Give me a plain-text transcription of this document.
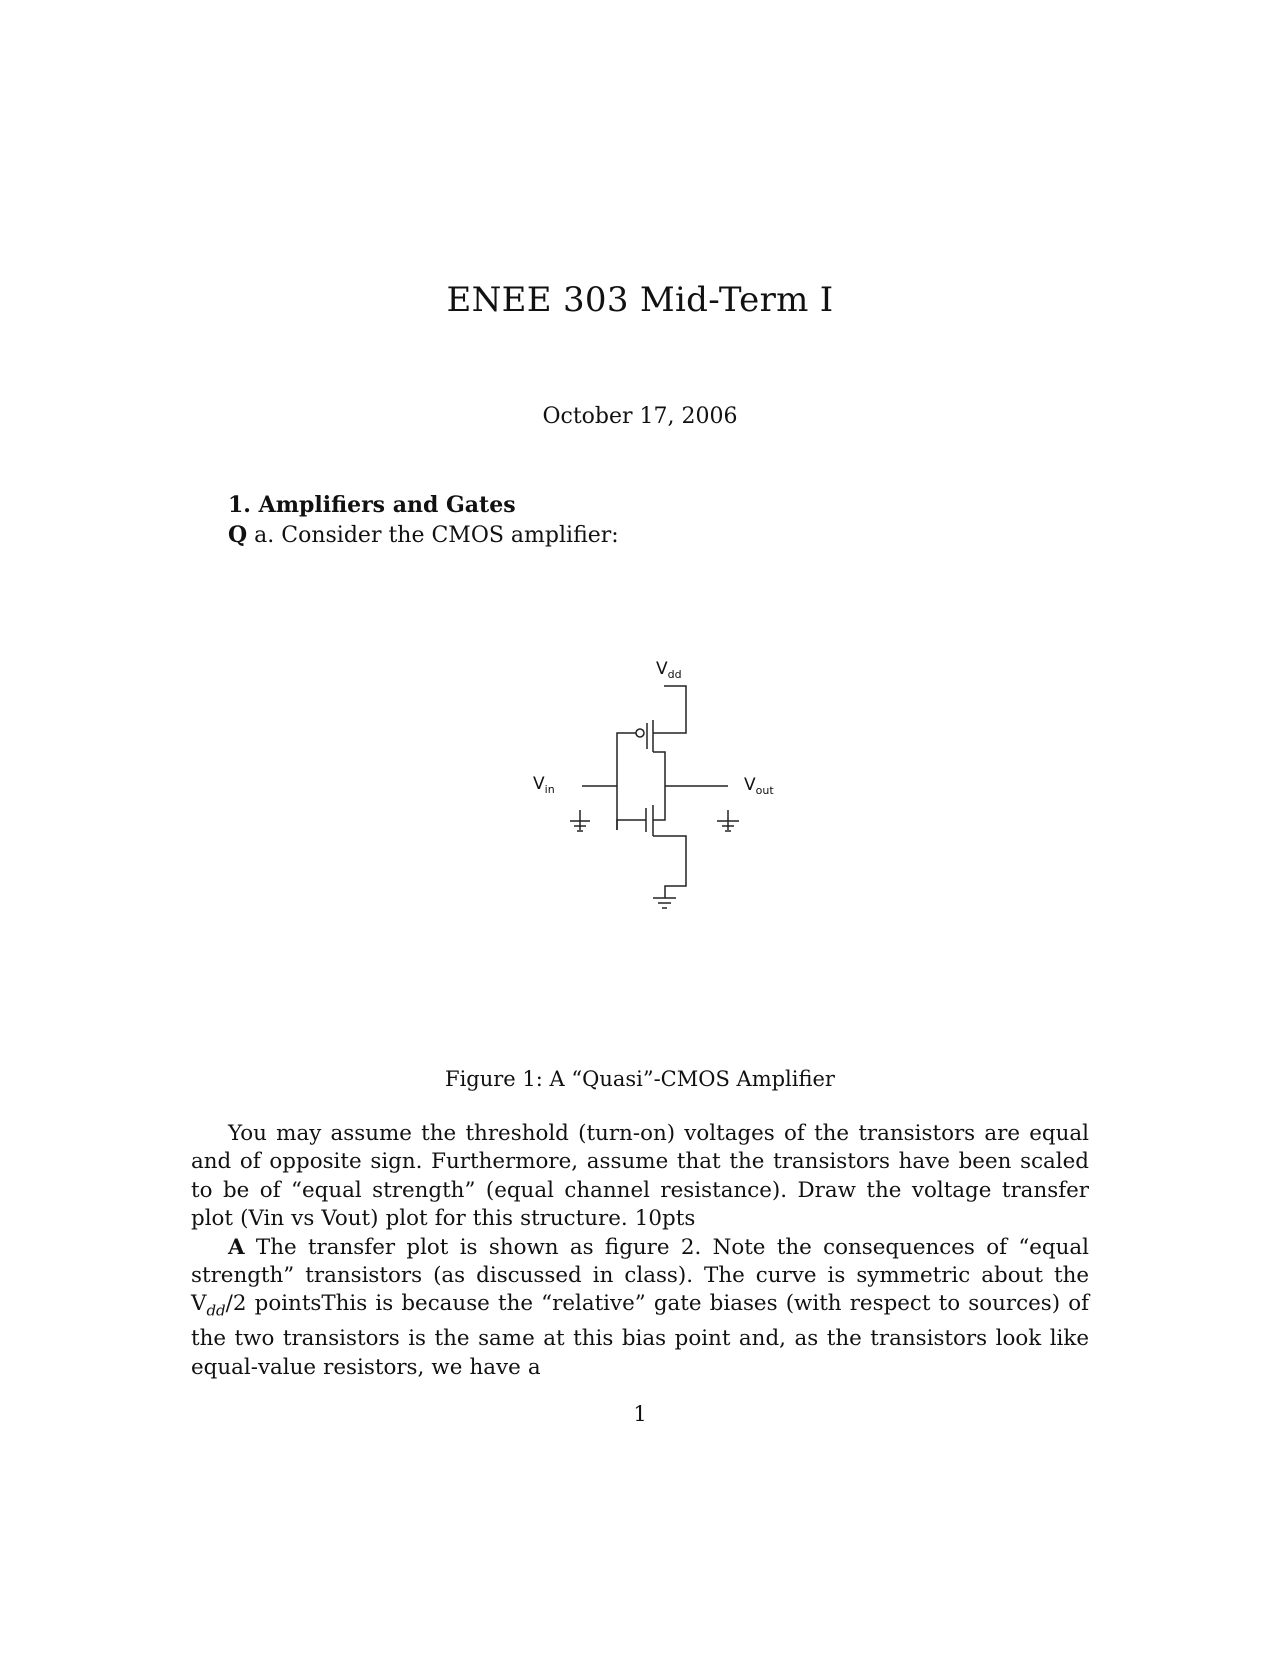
ENEE 303 Mid-Term I
October 17, 2006
1. Amplifiers and Gates
Q a. Consider the CMOS amplifier:
$V_{dd}$
$V_{in}$	$V_{out}$
Figure 1: A “Quasi”-CMOS Amplifier

You may assume the threshold (turn-on) voltages of the transistors are equal and of opposite sign. Furthermore, assume that the transistors have been scaled to be of “equal strength” (equal channel resistance). Draw the voltage transfer plot (Vin vs Vout) plot for this structure. 10pts

A The transfer plot is shown as figure 2. Note the consequences of “equal strength” transistors (as discussed in class). The curve is symmetric about the $V_{dd}/2$ pointsThis is because the “relative” gate biases (with respect to sources) of the two transistors is the same at this bias point and, as the transistors look like equal-value resistors, we have a

1
